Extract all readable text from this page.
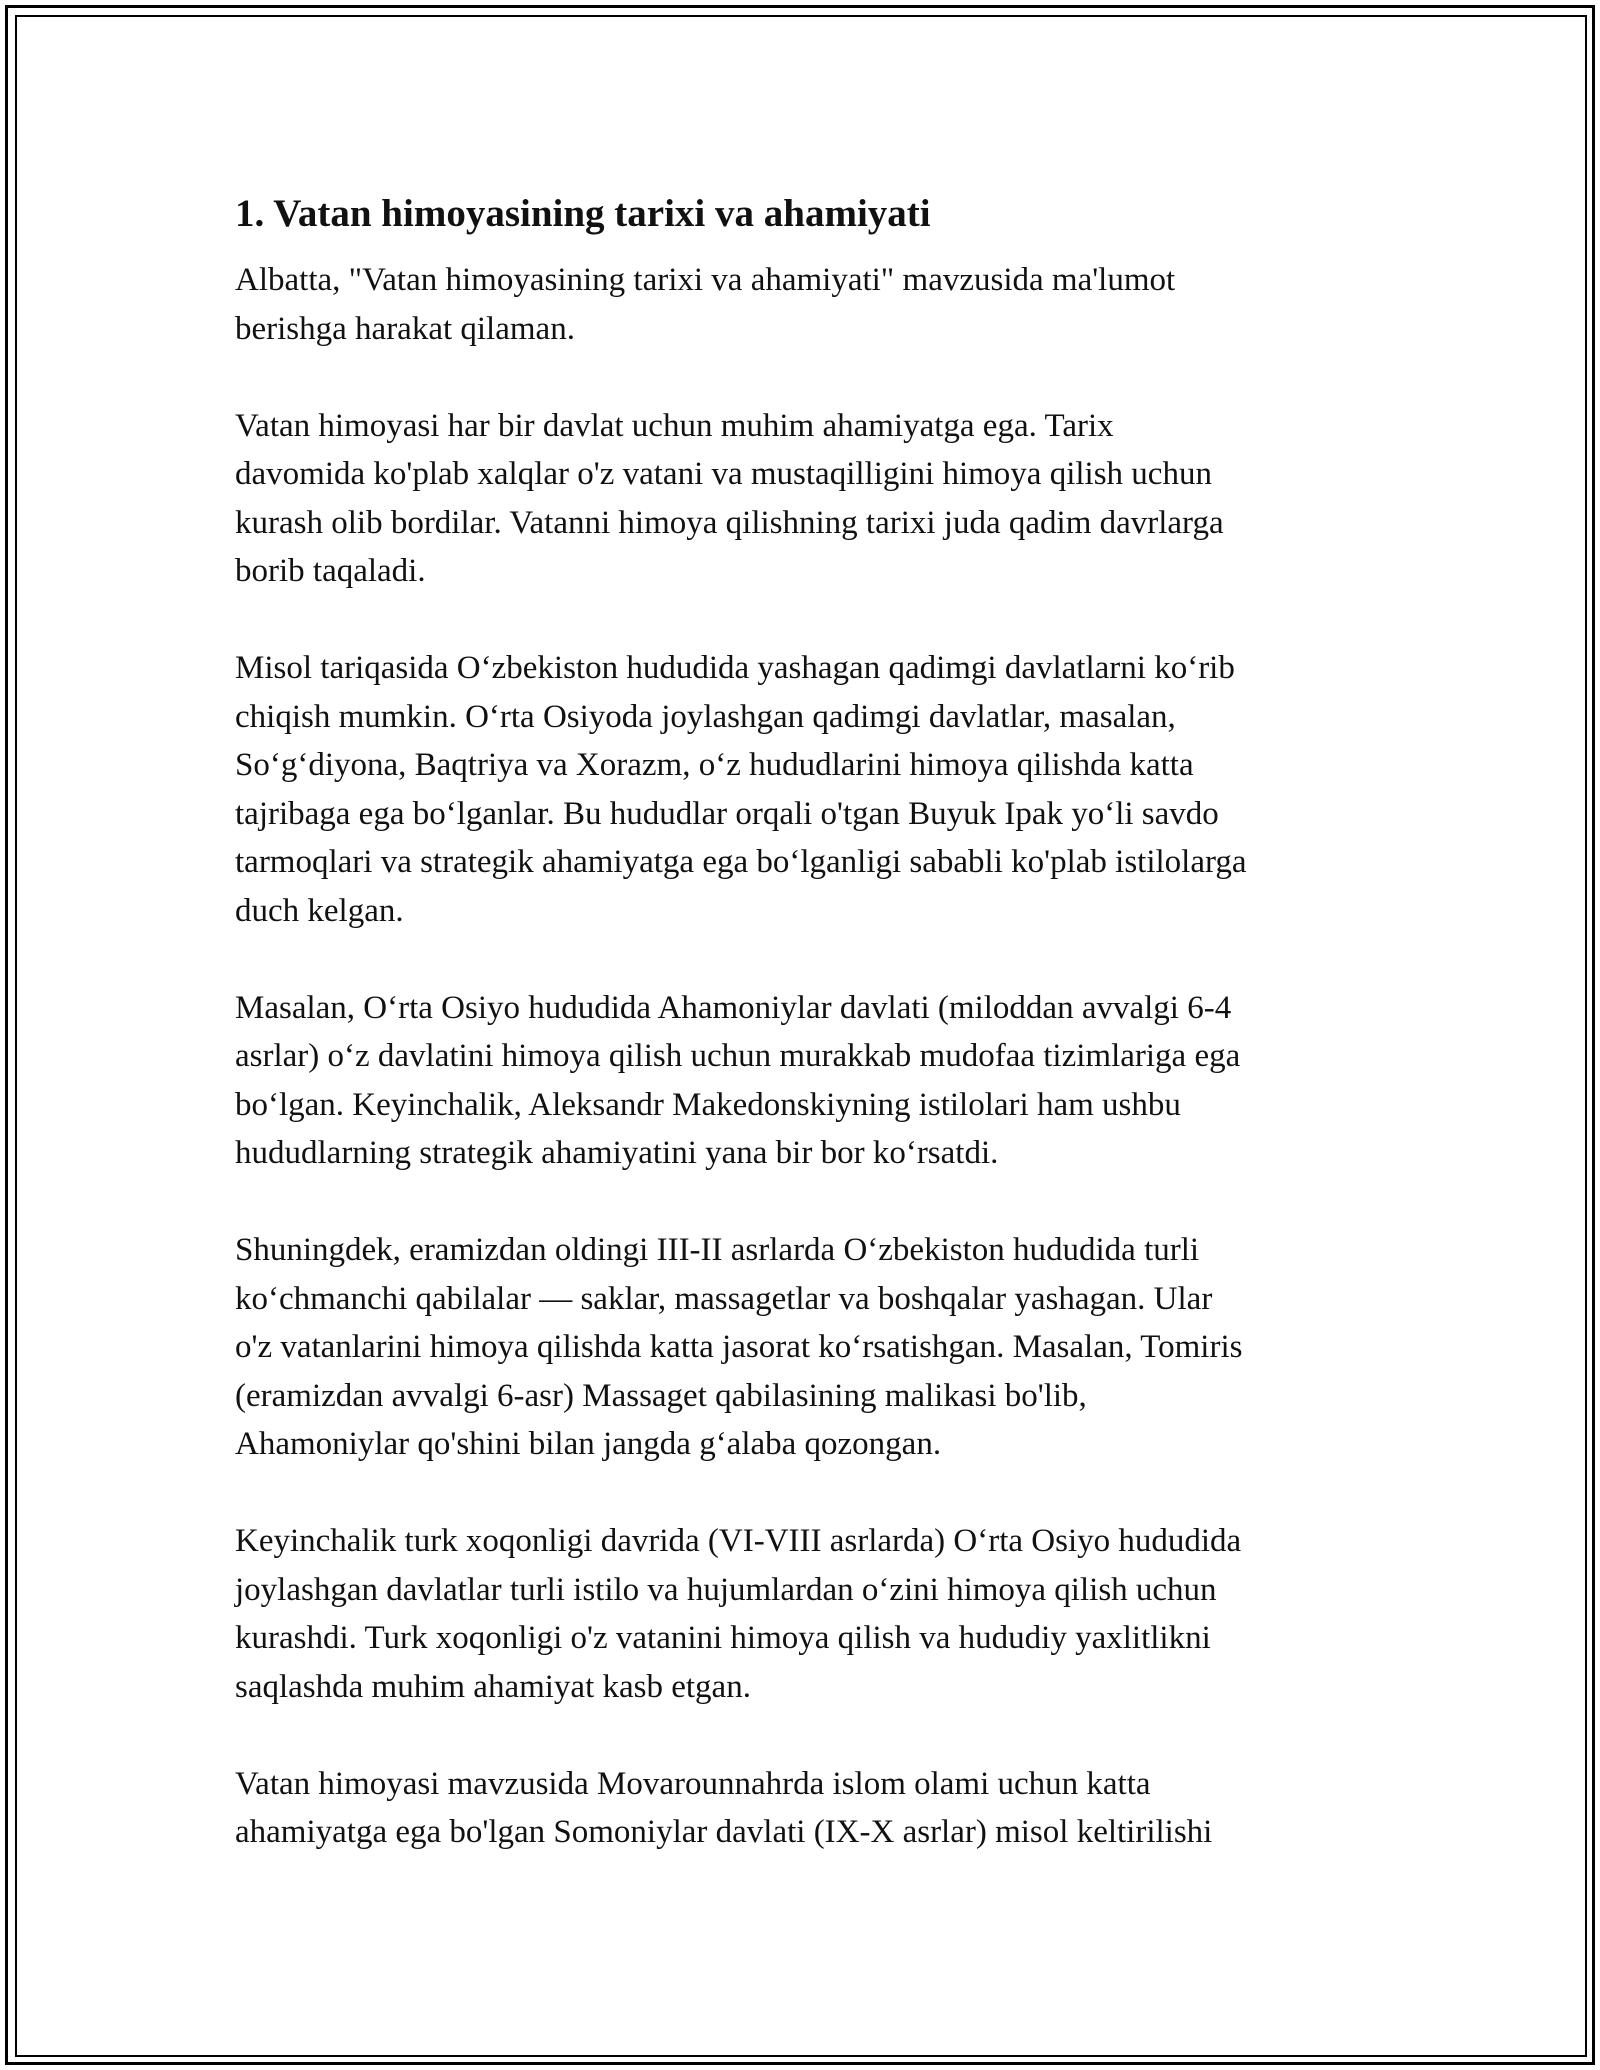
1. Vatan himoyasining tarixi va ahamiyati
Albatta, "Vatan himoyasining tarixi va ahamiyati" mavzusida ma'lumot
berishga harakat qilaman.
Vatan himoyasi har bir davlat uchun muhim ahamiyatga ega. Tarix
davomida ko'plab xalqlar o'z vatani va mustaqilligini himoya qilish uchun
kurash olib bordilar. Vatanni himoya qilishning tarixi juda qadim davrlarga
borib taqaladi.
Misol tariqasida O‘zbekiston hududida yashagan qadimgi davlatlarni ko‘rib
chiqish mumkin. O‘rta Osiyoda joylashgan qadimgi davlatlar, masalan,
So‘g‘diyona, Baqtriya va Xorazm, o‘z hududlarini himoya qilishda katta
tajribaga ega bo‘lganlar. Bu hududlar orqali o'tgan Buyuk Ipak yo‘li savdo
tarmoqlari va strategik ahamiyatga ega bo‘lganligi sababli ko'plab istilolarga
duch kelgan.
Masalan, O‘rta Osiyo hududida Ahamoniylar davlati (miloddan avvalgi 6-4
asrlar) o‘z davlatini himoya qilish uchun murakkab mudofaa tizimlariga ega
bo‘lgan. Keyinchalik, Aleksandr Makedonskiyning istilolari ham ushbu
hududlarning strategik ahamiyatini yana bir bor ko‘rsatdi.
Shuningdek, eramizdan oldingi III-II asrlarda O‘zbekiston hududida turli
ko‘chmanchi qabilalar — saklar, massagetlar va boshqalar yashagan. Ular
o'z vatanlarini himoya qilishda katta jasorat ko‘rsatishgan. Masalan, Tomiris
(eramizdan avvalgi 6-asr) Massaget qabilasining malikasi bo'lib,
Ahamoniylar qo'shini bilan jangda g‘alaba qozongan.
Keyinchalik turk xoqonligi davrida (VI-VIII asrlarda) O‘rta Osiyo hududida
joylashgan davlatlar turli istilo va hujumlardan o‘zini himoya qilish uchun
kurashdi. Turk xoqonligi o'z vatanini himoya qilish va hududiy yaxlitlikni
saqlashda muhim ahamiyat kasb etgan.
Vatan himoyasi mavzusida Movarounnahrda islom olami uchun katta
ahamiyatga ega bo'lgan Somoniylar davlati (IX-X asrlar) misol keltirilishi
